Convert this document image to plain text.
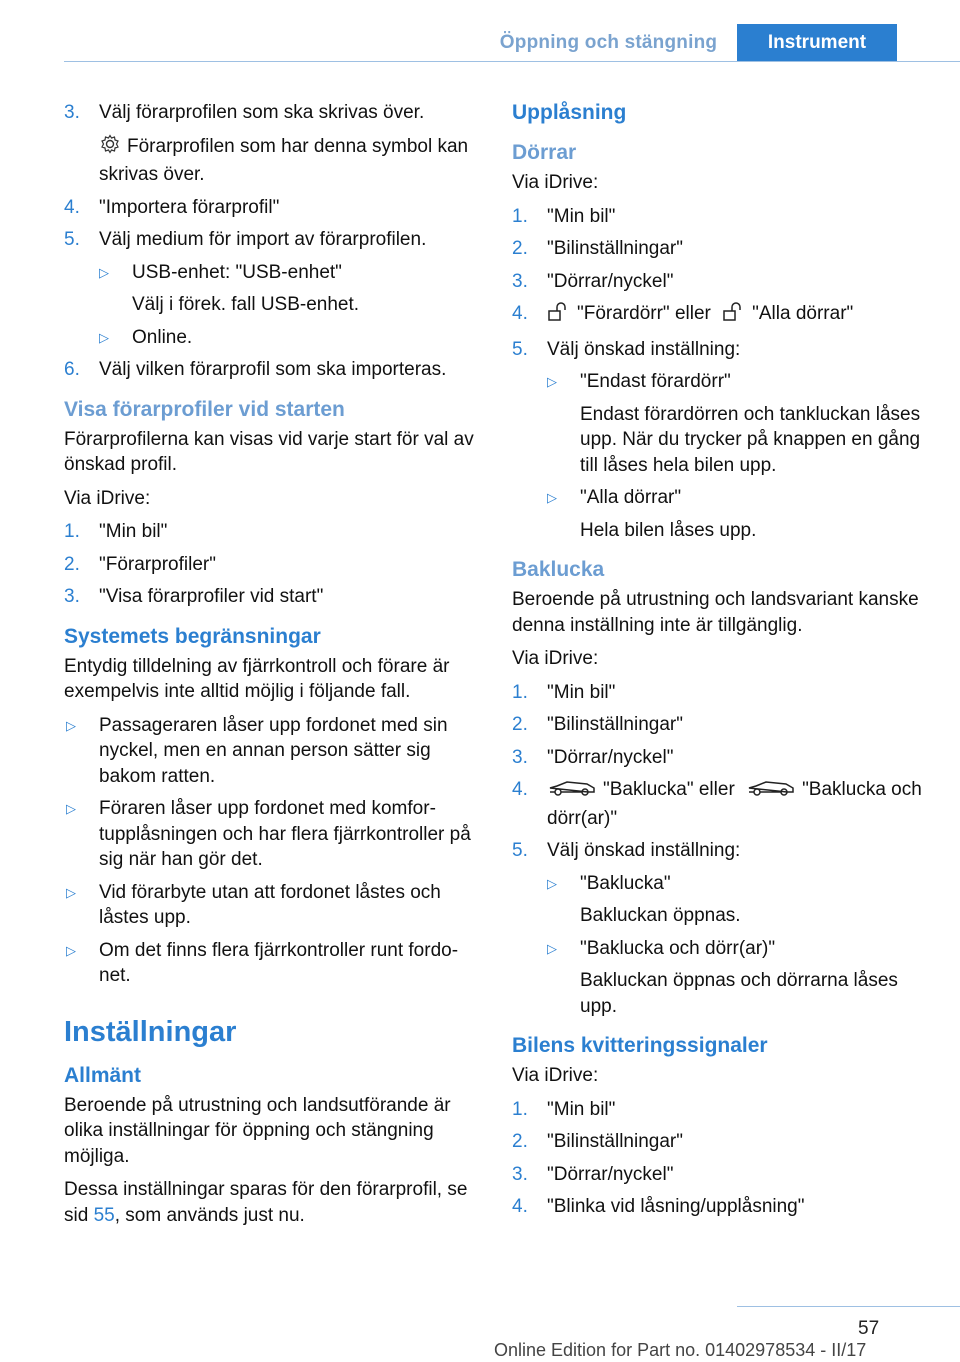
Öppning och stängning	Instrument
3. Välj förarprofilen som ska skrivas över.
Förarprofilen som har denna symbol kan skrivas över.
4. "Importera förarprofil"
5. Välj medium för import av förarprofilen.
▷ USB-enhet: "USB-enhet"
Välj i förek. fall USB-enhet.
▷ Online.
6. Välj vilken förarprofil som ska importeras.
Visa förarprofiler vid starten

Förarprofilerna kan visas vid varje start för val av önskad profil.

Via iDrive:

1. "Min bil"
2. "Förarprofiler"
3. "Visa förarprofiler vid start"
Systemets begränsningar

Entydig tilldelning av fjärrkontroll och förare är exempelvis inte alltid möjlig i följande fall.

▷ Passageraren låser upp fordonet med sin nyckel, men en annan person sätter sig bakom ratten.
▷ Föraren låser upp fordonet med komfortupplåsningen och har flera fjärrkontroller på sig när han gör det.
▷ Vid förarbyte utan att fordonet låstes och låstes upp.
▷ Om det finns flera fjärrkontroller runt fordonet.
Inställningar
Allmänt

Beroende på utrustning och landsutförande är olika inställningar för öppning och stängning möjliga.

Dessa inställningar sparas för den förarprofil, se sid 55, som används just nu.

Upplåsning
Dörrar

Via iDrive:

1. "Min bil"
2. "Bilinställningar"
3. "Dörrar/nyckel"
4.	"Förardörr" eller "Alla dörrar"
5. Välj önskad inställning:
▷ "Endast förardörr"
Endast förardörren och tankluckan låses upp. När du trycker på knappen en gång till låses hela bilen upp.
▷ "Alla dörrar"
Hela bilen låses upp.
Baklucka

Beroende på utrustning och landsvariant kanske denna inställning inte är tillgänglig.

Via iDrive:

1. "Min bil"
2. "Bilinställningar"
3. "Dörrar/nyckel"
4.	"Baklucka" eller	"Baklucka och dörr(ar)"
5. Välj önskad inställning:
▷ "Baklucka"
Bakluckan öppnas.
▷ "Baklucka och dörr(ar)"
Bakluckan öppnas och dörrarna låses upp.
Bilens kvitteringssignaler

Via iDrive:

1. "Min bil"
2. "Bilinställningar"
3. "Dörrar/nyckel"
4. "Blinka vid låsning/upplåsning"
57
Online Edition for Part no. 01402978534 - II/17
